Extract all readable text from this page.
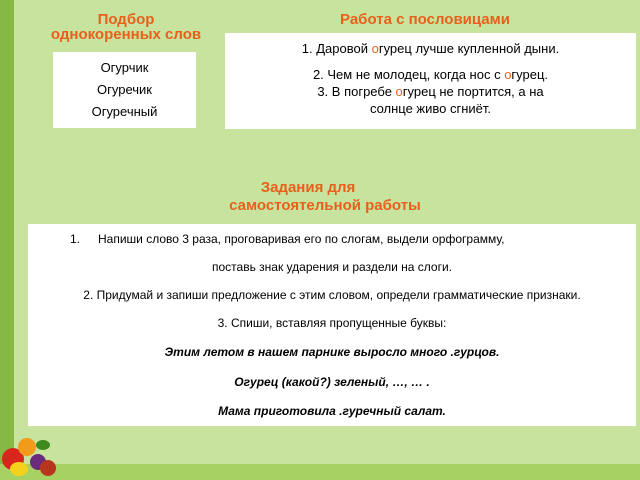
Подбор
однокоренных слов
Работа с пословицами
Огурчик
Огуречик
Огуречный
1. Даровой огурец лучше купленной дыни.
2. Чем не молодец, когда нос с огурец.
3. В погребе огурец не портится, а на
солнце живо сгниёт.
Задания для
самостоятельной работы
1. Напиши слово 3 раза, проговаривая его по слогам, выдели орфограмму,
поставь знак ударения и раздели на слоги.
2. Придумай и запиши предложение с этим словом, определи грамматические признаки.
3. Спиши, вставляя пропущенные буквы:
Этим летом в нашем парнике выросло много .гурцов.
Огурец (какой?) зеленый, …, … .
Мама приготовила .гуречный салат.
